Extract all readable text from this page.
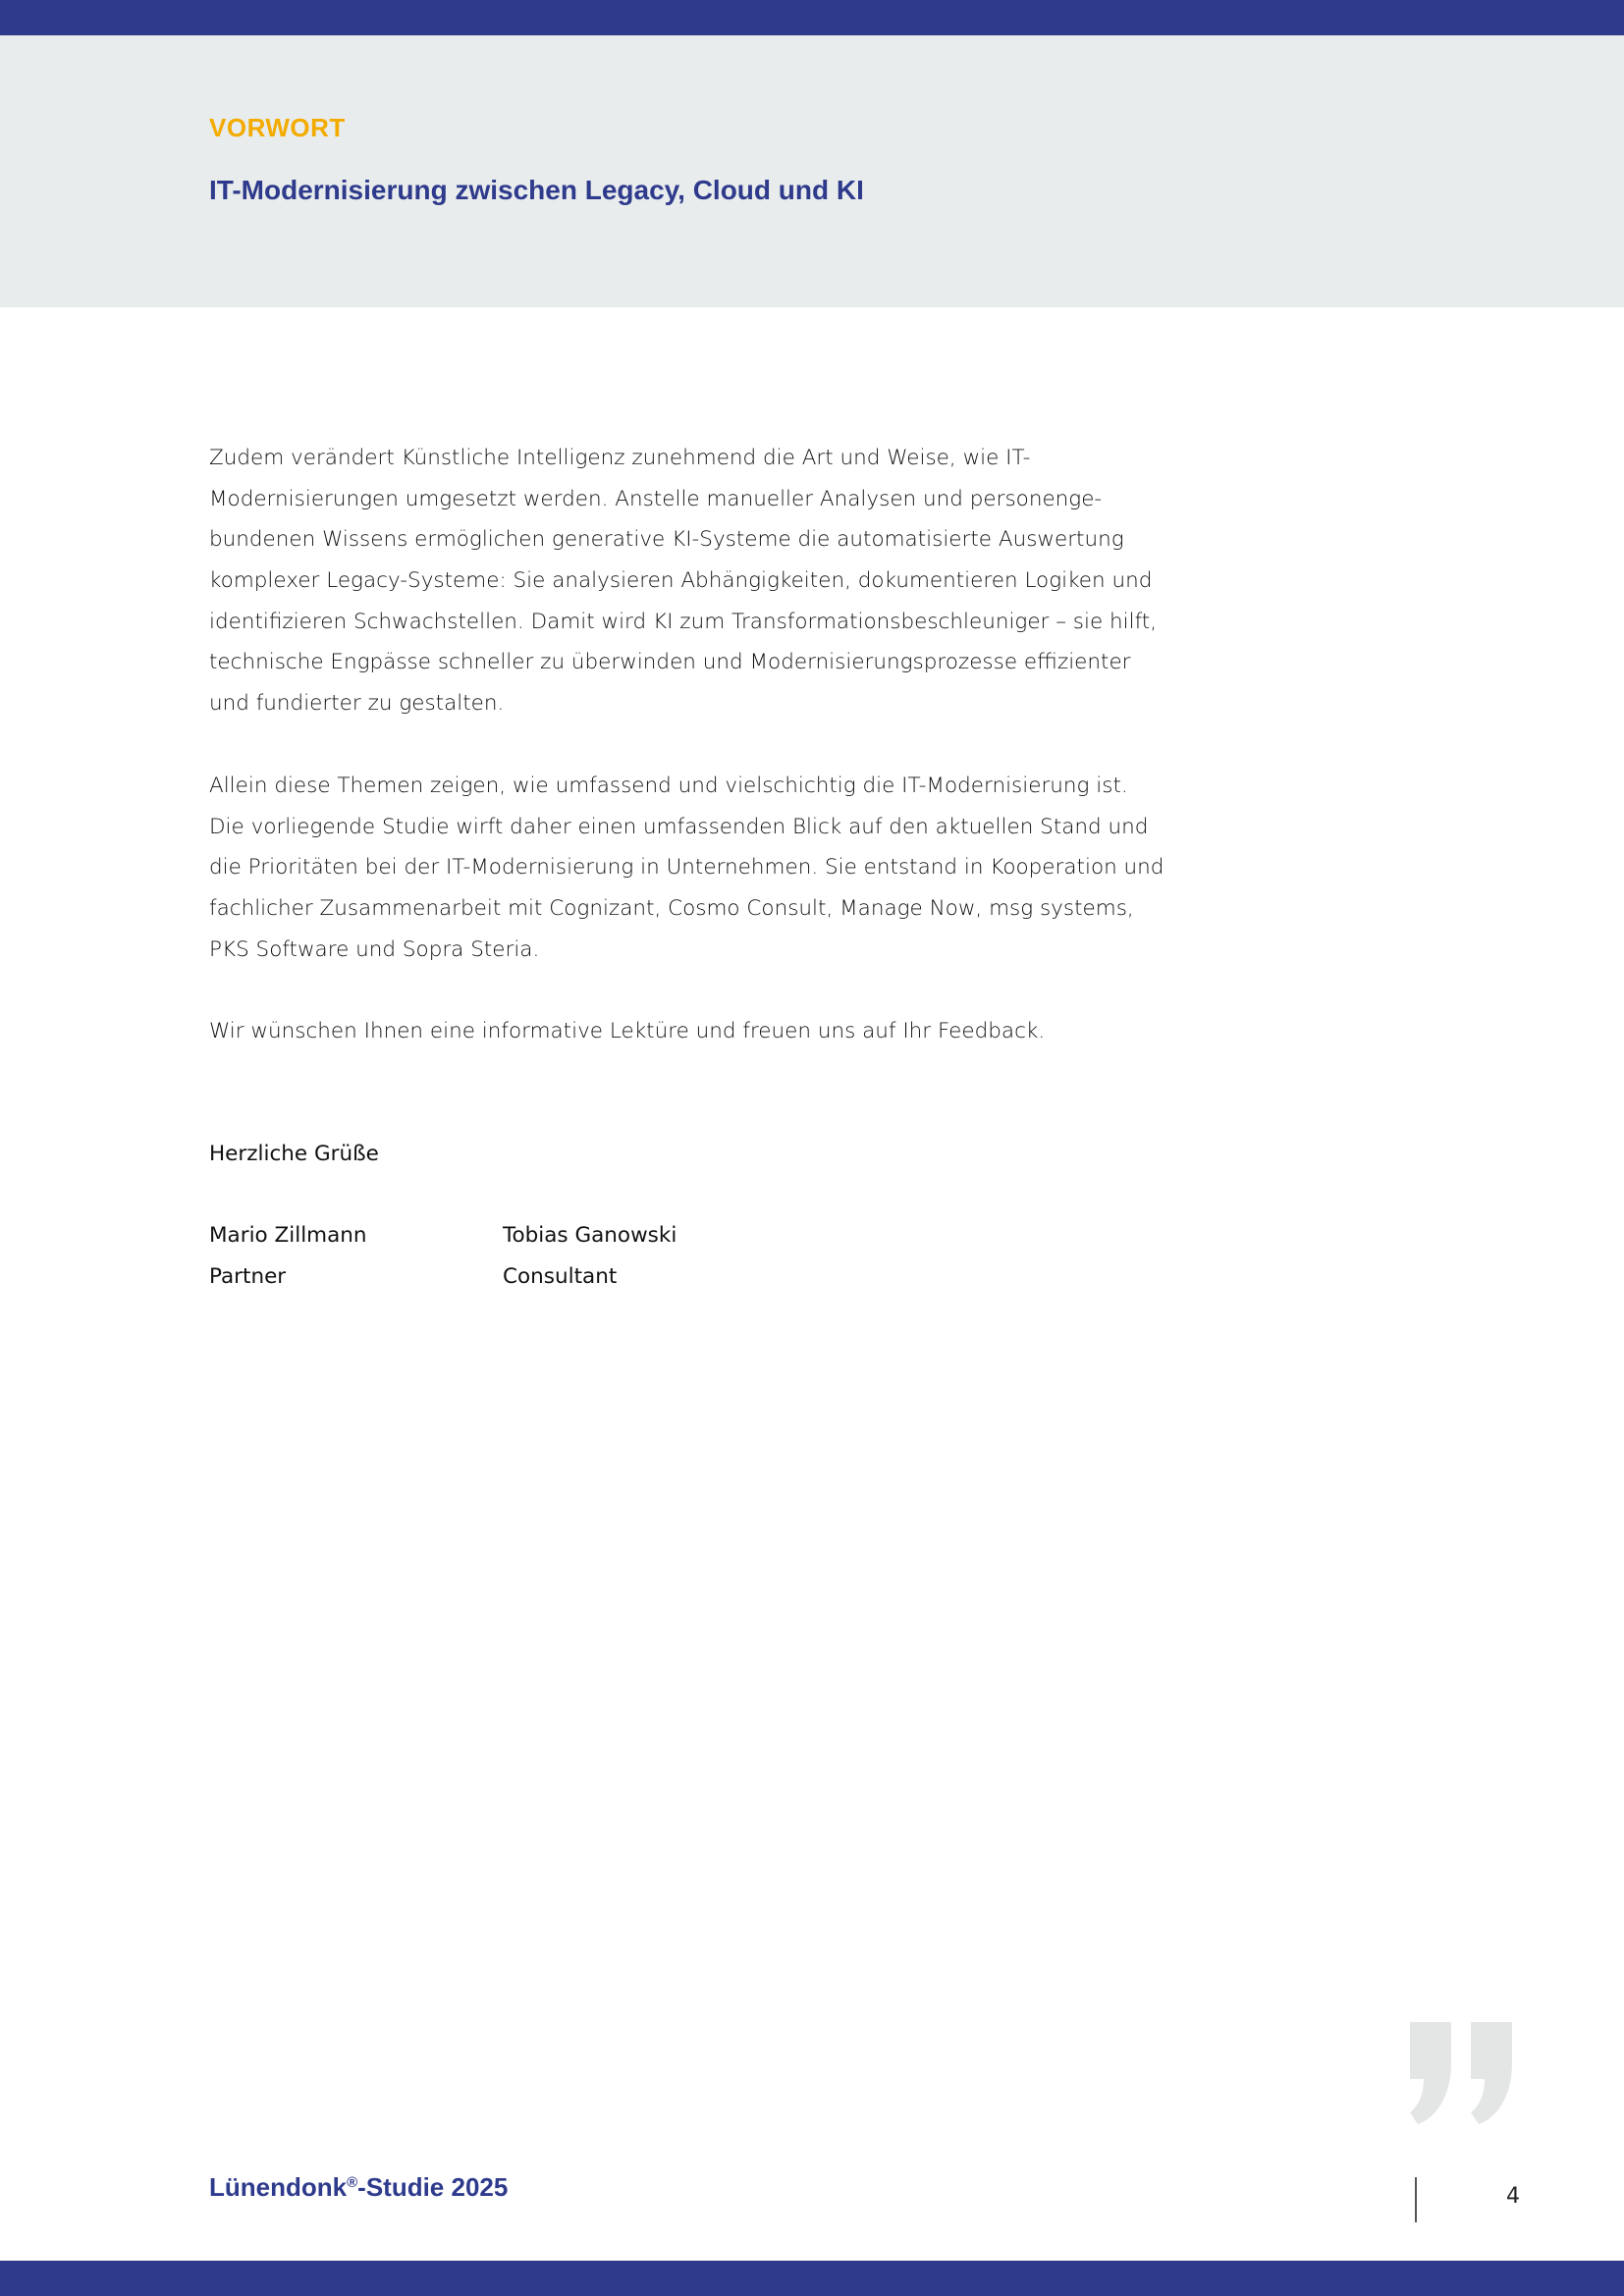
VORWORT
IT-Modernisierung zwischen Legacy, Cloud und KI
Zudem verändert Künstliche Intelligenz zunehmend die Art und Weise, wie IT-
Modernisierungen umgesetzt werden. Anstelle manueller Analysen und personenge-
bundenen Wissens ermöglichen generative KI-Systeme die automatisierte Auswertung
komplexer Legacy-Systeme: Sie analysieren Abhängigkeiten, dokumentieren Logiken und
identifizieren Schwachstellen. Damit wird KI zum Transformationsbeschleuniger – sie hilft,
technische Engpässe schneller zu überwinden und Modernisierungsprozesse effizienter
und fundierter zu gestalten.
Allein diese Themen zeigen, wie umfassend und vielschichtig die IT-Modernisierung ist.
Die vorliegende Studie wirft daher einen umfassenden Blick auf den aktuellen Stand und
die Prioritäten bei der IT-Modernisierung in Unternehmen. Sie entstand in Kooperation und
fachlicher Zusammenarbeit mit Cognizant, Cosmo Consult, Manage Now, msg systems,
PKS Software und Sopra Steria.
Wir wünschen Ihnen eine informative Lektüre und freuen uns auf Ihr Feedback.
Herzliche Grüße
Mario Zillmann
Partner
Tobias Ganowski
Consultant
Lünendonk®-Studie 2025	4
